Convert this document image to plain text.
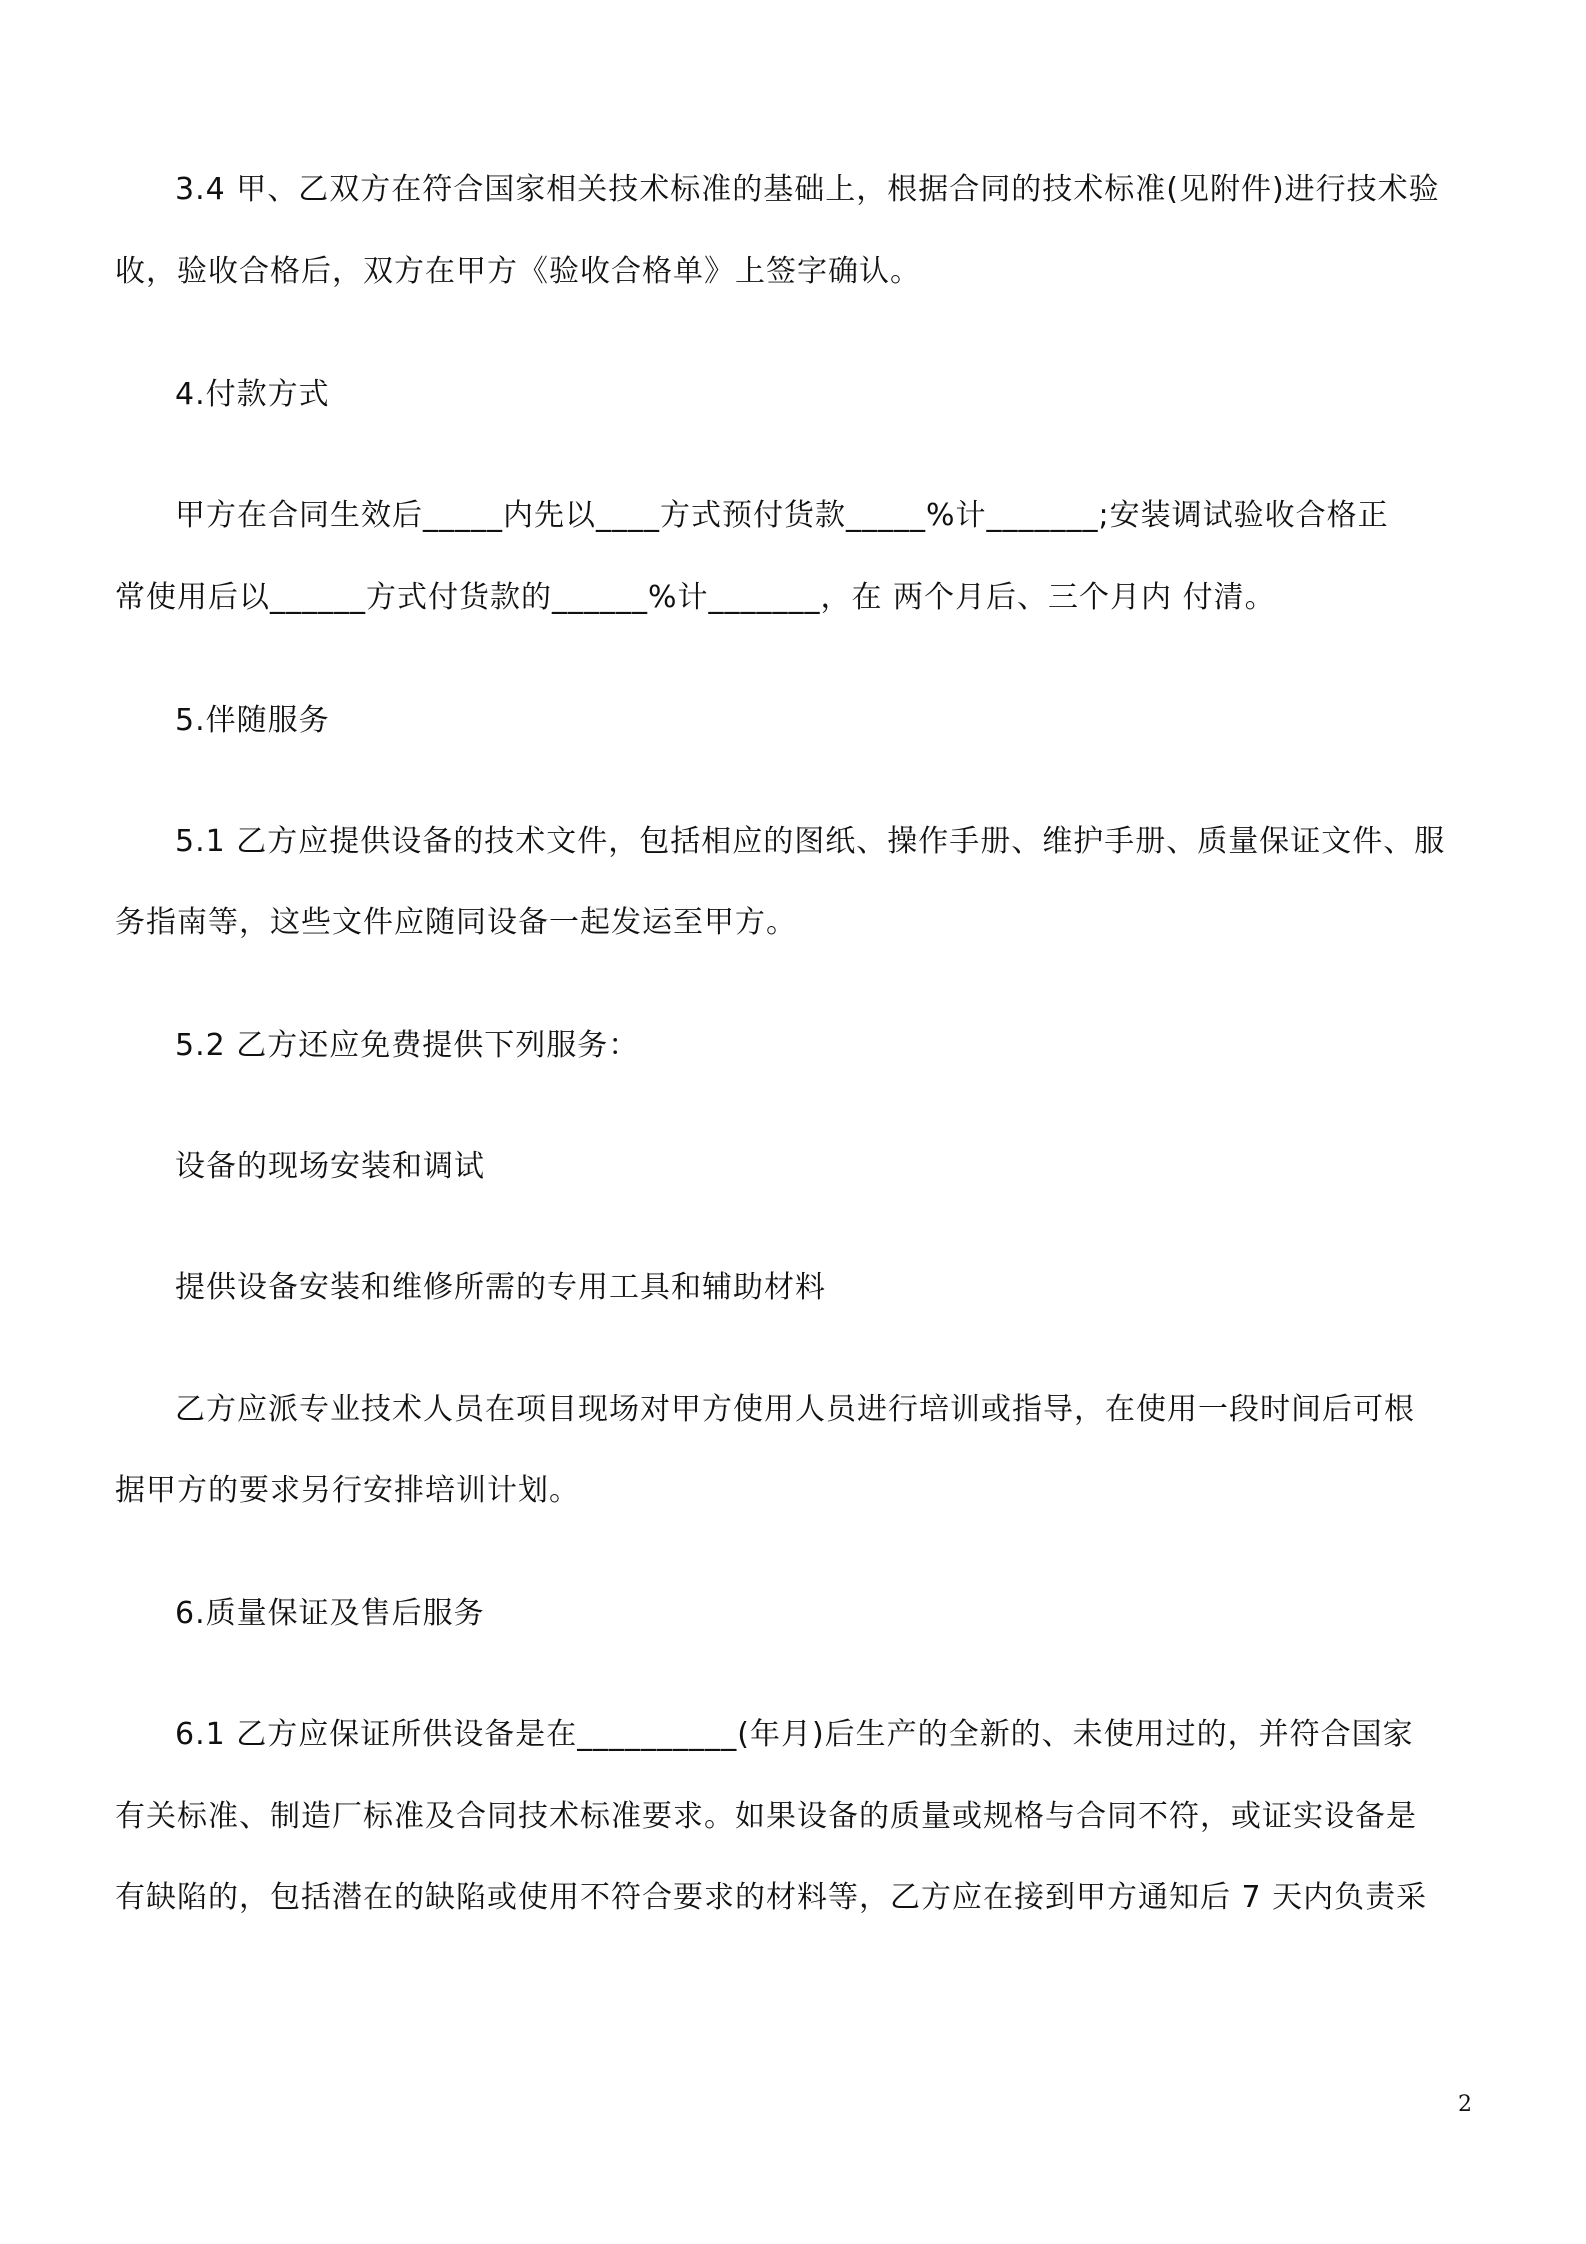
3.4 甲、乙双方在符合国家相关技术标准的基础上，根据合同的技术标准(见附件)进行技术验
收，验收合格后，双方在甲方《验收合格单》上签字确认。
4.付款方式
甲方在合同生效后_____内先以____方式预付货款_____%计_______;安装调试验收合格正
常使用后以______方式付货款的______%计_______，在 两个月后、三个月内 付清。
5.伴随服务
5.1 乙方应提供设备的技术文件，包括相应的图纸、操作手册、维护手册、质量保证文件、服
务指南等，这些文件应随同设备一起发运至甲方。
5.2 乙方还应免费提供下列服务：
设备的现场安装和调试
提供设备安装和维修所需的专用工具和辅助材料
乙方应派专业技术人员在项目现场对甲方使用人员进行培训或指导，在使用一段时间后可根
据甲方的要求另行安排培训计划。
6.质量保证及售后服务
6.1 乙方应保证所供设备是在__________(年月)后生产的全新的、未使用过的，并符合国家
有关标准、制造厂标准及合同技术标准要求。如果设备的质量或规格与合同不符，或证实设备是
有缺陷的，包括潜在的缺陷或使用不符合要求的材料等，乙方应在接到甲方通知后 7 天内负责采
2
